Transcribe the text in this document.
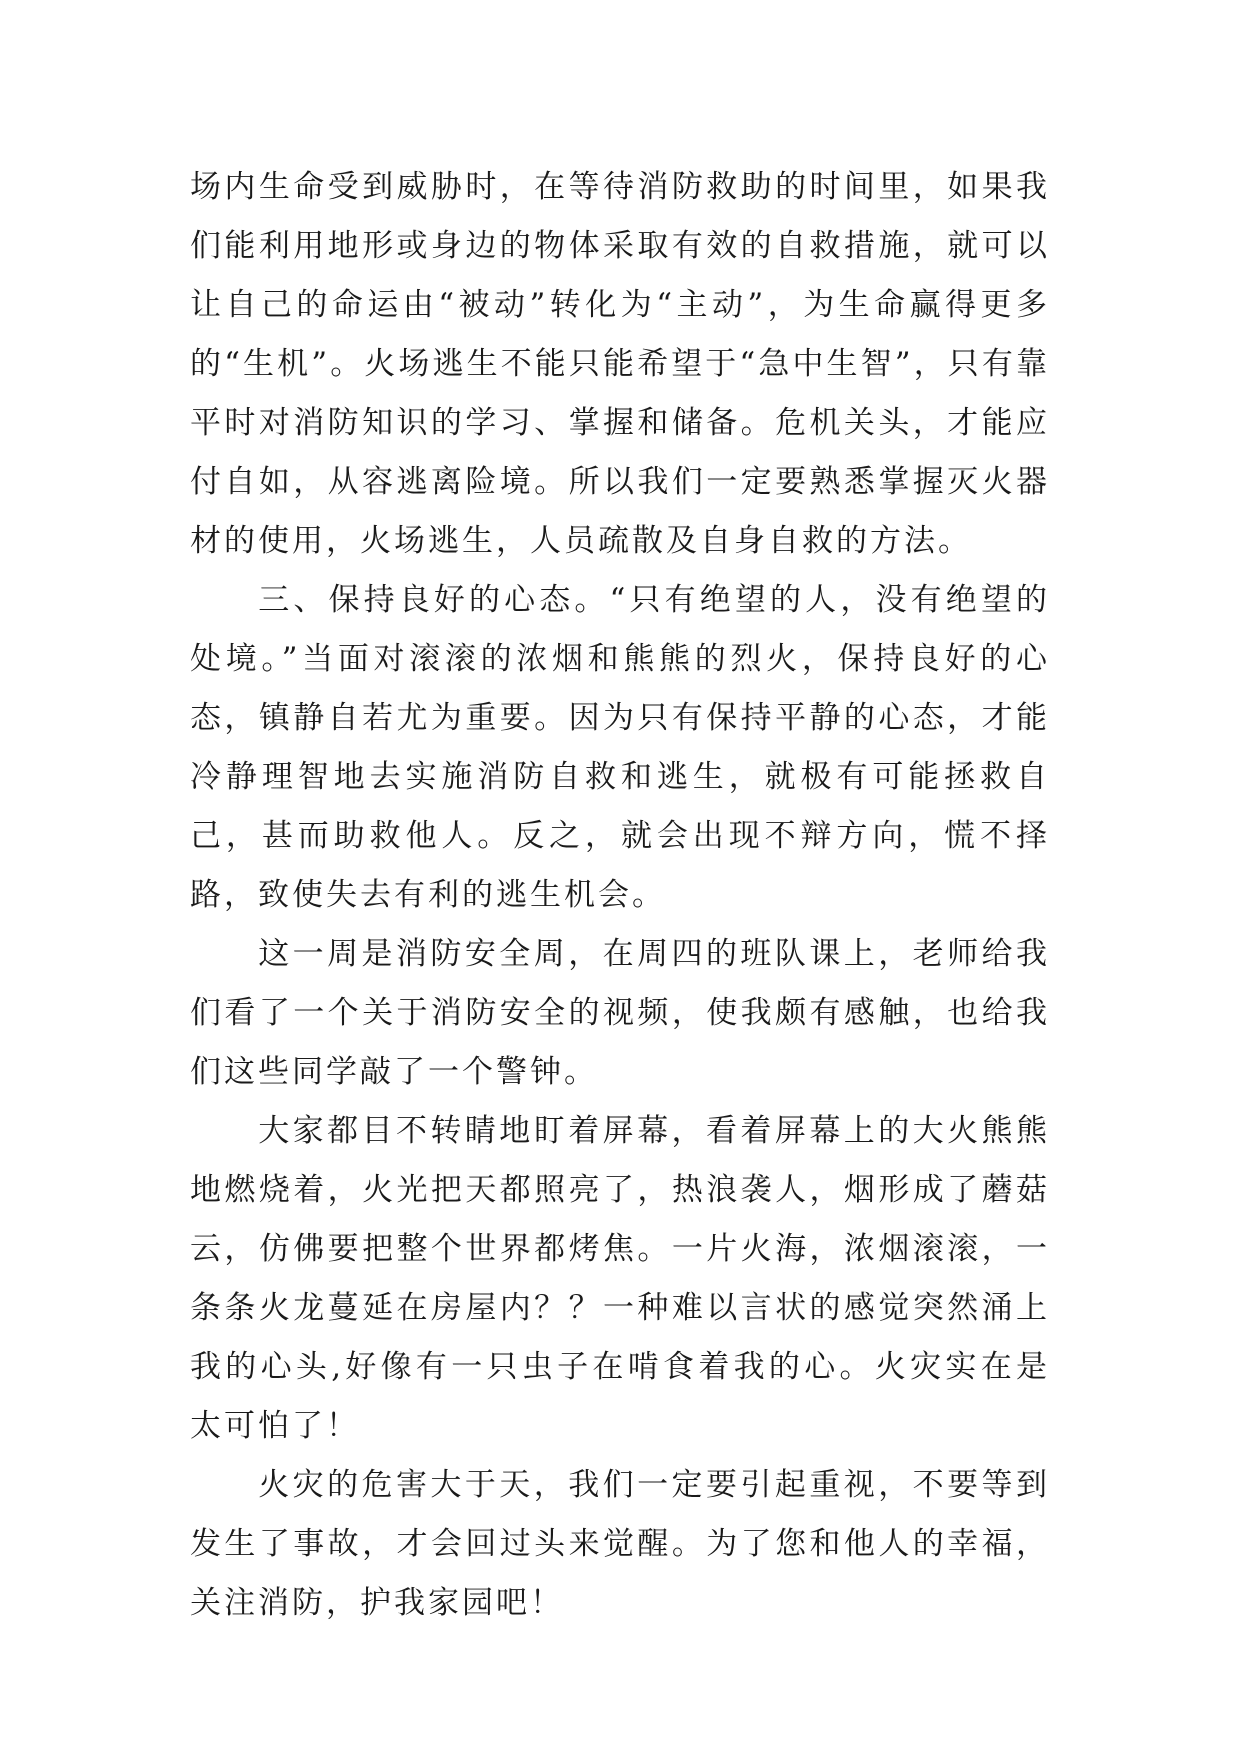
场内生命受到威胁时，在等待消防救助的时间里，如果我们能利用地形或身边的物体采取有效的自救措施，就可以让自己的命运由“被动”转化为“主动”，为生命赢得更多的“生机”。火场逃生不能只能希望于“急中生智”，只有靠平时对消防知识的学习、掌握和储备。危机关头，才能应付自如，从容逃离险境。所以我们一定要熟悉掌握灭火器材的使用，火场逃生，人员疏散及自身自救的方法。

三、保持良好的心态。“只有绝望的人，没有绝望的处境。”当面对滚滚的浓烟和熊熊的烈火，保持良好的心态，镇静自若尤为重要。因为只有保持平静的心态，才能冷静理智地去实施消防自救和逃生，就极有可能拯救自己，甚而助救他人。反之，就会出现不辩方向，慌不择路，致使失去有利的逃生机会。

这一周是消防安全周，在周四的班队课上，老师给我们看了一个关于消防安全的视频，使我颇有感触，也给我们这些同学敲了一个警钟。

大家都目不转睛地盯着屏幕，看着屏幕上的大火熊熊地燃烧着，火光把天都照亮了，热浪袭人，烟形成了蘑菇云，仿佛要把整个世界都烤焦。一片火海，浓烟滚滚，一条条火龙蔓延在房屋内？？一种难以言状的感觉突然涌上我的心头,好像有一只虫子在啃食着我的心。火灾实在是太可怕了！

火灾的危害大于天，我们一定要引起重视，不要等到发生了事故，才会回过头来觉醒。为了您和他人的幸福，关注消防，护我家园吧！
